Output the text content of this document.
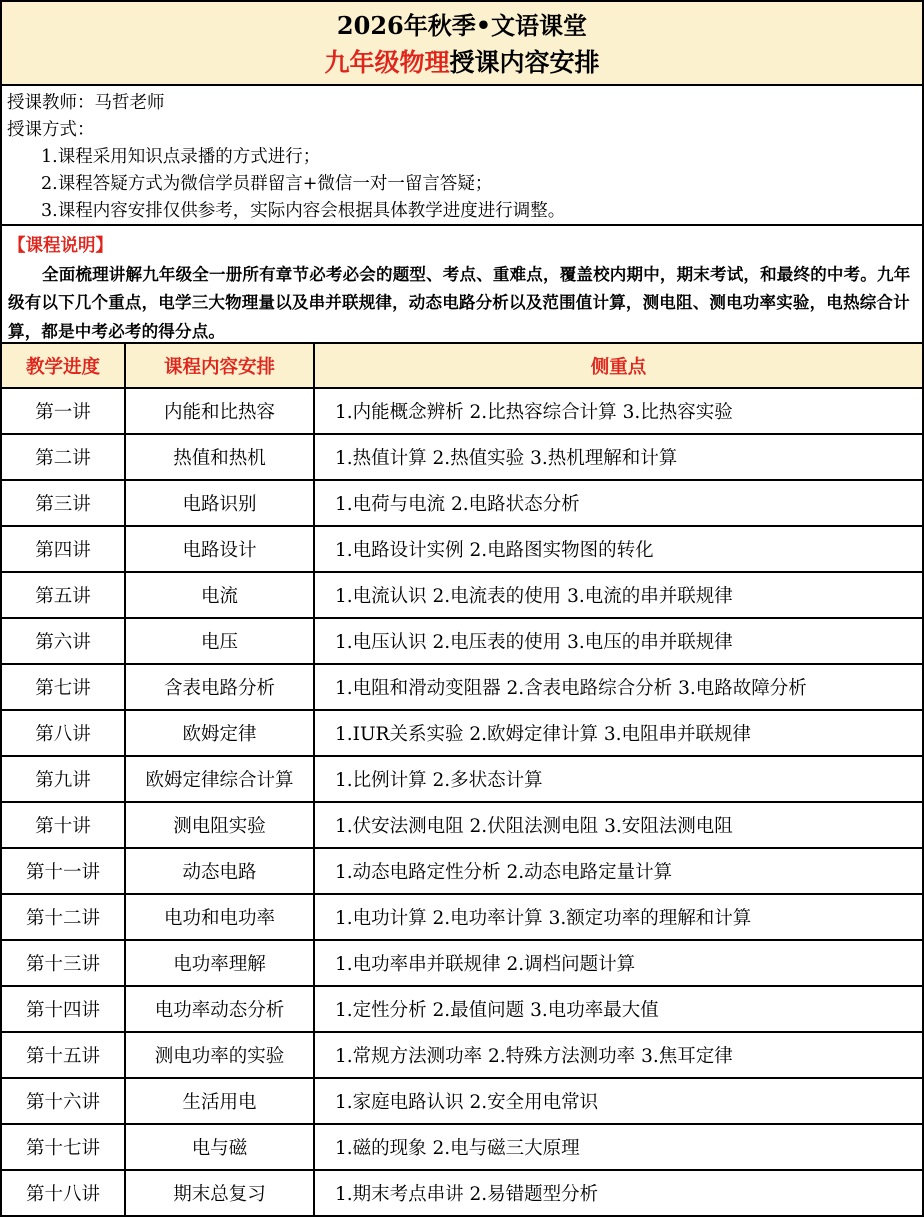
2026年秋季•文语课堂
九年级物理授课内容安排
授课教师：马哲老师
授课方式：
1.课程采用知识点录播的方式进行；
2.课程答疑方式为微信学员群留言+微信一对一留言答疑；
3.课程内容安排仅供参考，实际内容会根据具体教学进度进行调整。
【课程说明】
全面梳理讲解九年级全一册所有章节必考必会的题型、考点、重难点，覆盖校内期中，期末考试，和最终的中考。九年级有以下几个重点，电学三大物理量以及串并联规律，动态电路分析以及范围值计算，测电阻、测电功率实验，电热综合计算，都是中考必考的得分点。
教学进度	课程内容安排	侧重点
第一讲	内能和比热容	1.内能概念辨析 2.比热容综合计算 3.比热容实验
第二讲	热值和热机	1.热值计算 2.热值实验 3.热机理解和计算
第三讲	电路识别	1.电荷与电流 2.电路状态分析
第四讲	电路设计	1.电路设计实例 2.电路图实物图的转化
第五讲	电流	1.电流认识 2.电流表的使用 3.电流的串并联规律
第六讲	电压	1.电压认识 2.电压表的使用 3.电压的串并联规律
第七讲	含表电路分析	1.电阻和滑动变阻器 2.含表电路综合分析 3.电路故障分析
第八讲	欧姆定律	1.IUR关系实验 2.欧姆定律计算 3.电阻串并联规律
第九讲	欧姆定律综合计算	1.比例计算 2.多状态计算
第十讲	测电阻实验	1.伏安法测电阻 2.伏阻法测电阻 3.安阻法测电阻
第十一讲	动态电路	1.动态电路定性分析 2.动态电路定量计算
第十二讲	电功和电功率	1.电功计算 2.电功率计算 3.额定功率的理解和计算
第十三讲	电功率理解	1.电功率串并联规律 2.调档问题计算
第十四讲	电功率动态分析	1.定性分析 2.最值问题 3.电功率最大值
第十五讲	测电功率的实验	1.常规方法测功率 2.特殊方法测功率 3.焦耳定律
第十六讲	生活用电	1.家庭电路认识 2.安全用电常识
第十七讲	电与磁	1.磁的现象 2.电与磁三大原理
第十八讲	期末总复习	1.期末考点串讲 2.易错题型分析
